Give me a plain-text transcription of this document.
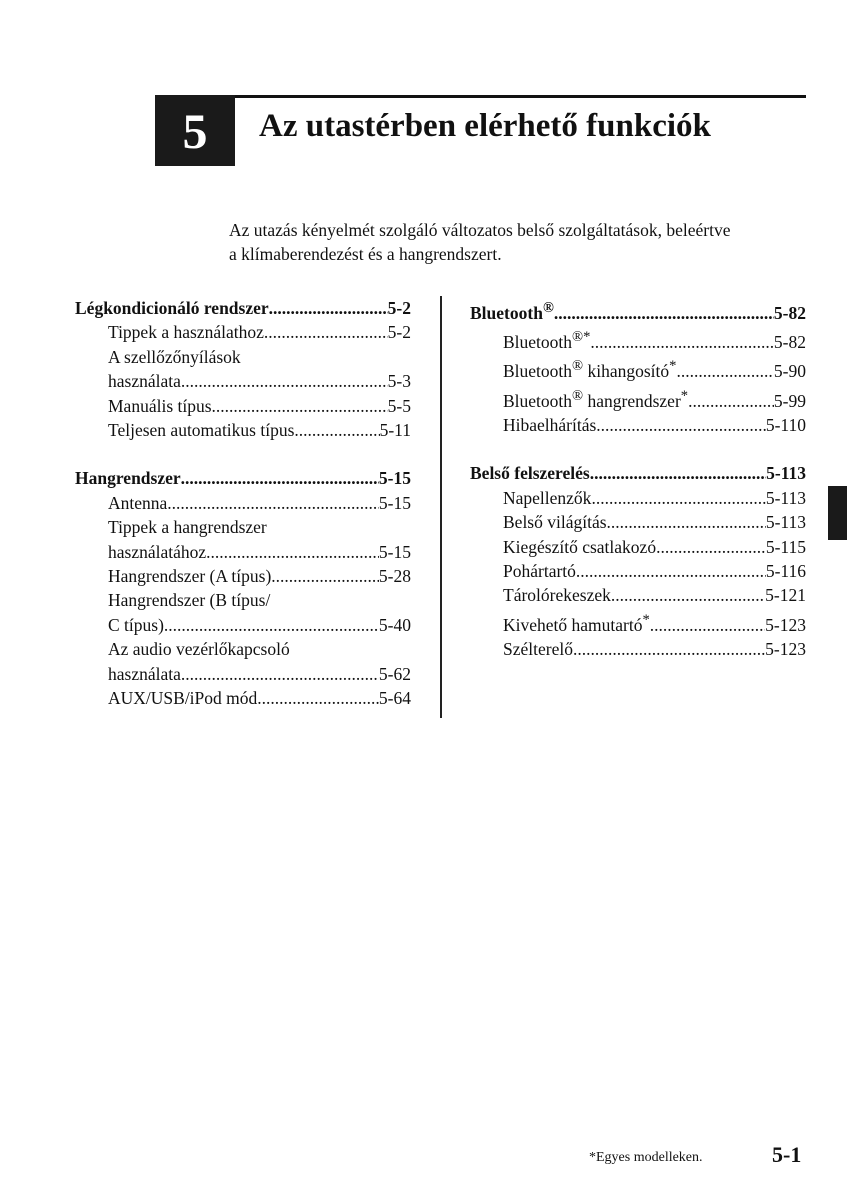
5 Az utastérben elérhető funkciók

Az utazás kényelmét szolgáló változatos belső szolgáltatások, beleértve

a klímaberendezést és a hangrendszert.

Légkondicionáló rendszer .....	5-2
Tippek a használathoz .....	5-2
A szellőzőnyílások
használata .....	5-3
Manuális típus .....	5-5
Teljesen automatikus típus .....	5-11
Hangrendszer .....	5-15
Antenna .....	5-15
Tippek a hangrendszer
használatához .....	5-15
Hangrendszer (A típus) .....	5-28
Hangrendszer (B típus/
C típus) .....	5-40
Az audio vezérlőkapcsoló
használata .....	5-62
AUX/USB/iPod mód .....	5-64
Bluetooth® .....	5-82
Bluetooth®* .....	5-82
Bluetooth® kihangosító* .....	5-90
Bluetooth® hangrendszer* .....	5-99
Hibaelhárítás .....	5-110
Belső felszerelés .....	5-113
Napellenzők .....	5-113
Belső világítás .....	5-113
Kiegészítő csatlakozó .....	5-115
Pohártartó .....	5-116
Tárolórekeszek .....	5-121
Kivehető hamutartó* .....	5-123
Szélterelő .....	5-123
*Egyes modelleken.	5-1
